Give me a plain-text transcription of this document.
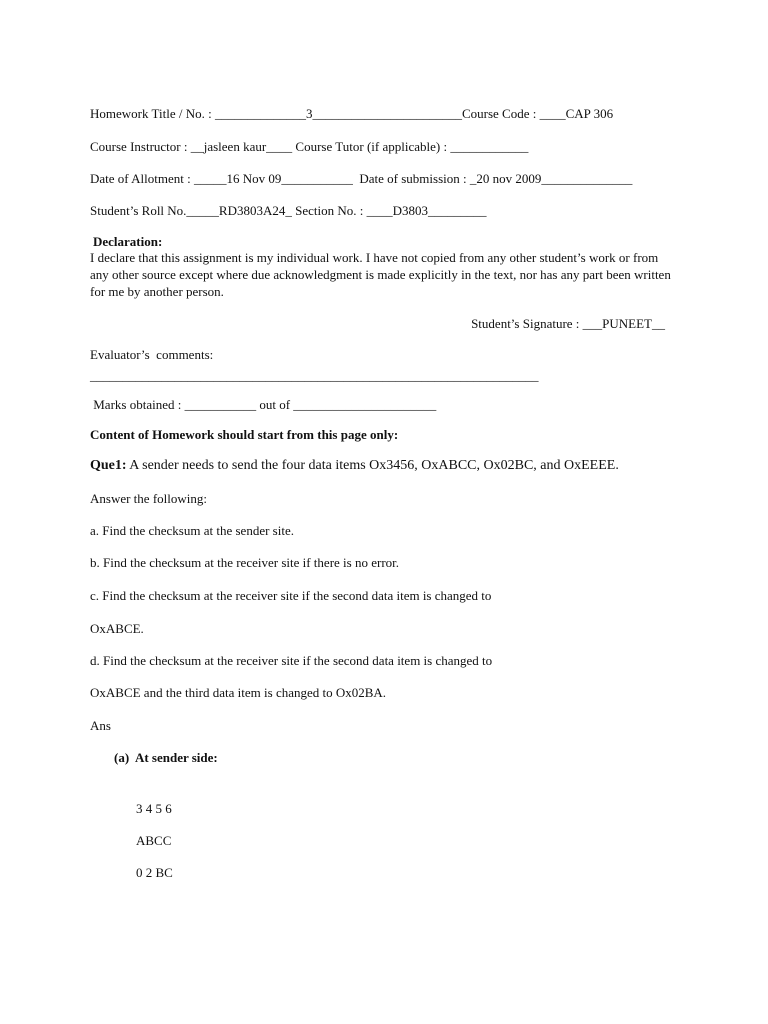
Homework Title / No. : ______________3_______________________Course Code : ____CAP 306
Course Instructor : __jasleen kaur____ Course Tutor (if applicable) : ____________
Date of Allotment : _____16 Nov 09___________  Date of submission : _20 nov 2009______________
Student’s Roll No._____RD3803A24_ Section No. : ____D3803_________
Declaration:
I declare that this assignment is my individual work. I have not copied from any other student’s work or from any other source except where due acknowledgment is made explicitly in the text, nor has any part been written for me by another person.
Student’s Signature : ___PUNEET__
Evaluator’s  comments:
_____________________________________________________________________
Marks obtained : ___________ out of ______________________
Content of Homework should start from this page only:
Que1: A sender needs to send the four data items Ox3456, OxABCC, Ox02BC, and OxEEEE.
Answer the following:
a. Find the checksum at the sender site.
b. Find the checksum at the receiver site if there is no error.
c. Find the checksum at the receiver site if the second data item is changed to
OxABCE.
d. Find the checksum at the receiver site if the second data item is changed to
OxABCE and the third data item is changed to Ox02BA.
Ans
(a)  At sender side:
3 4 5 6
ABCC
0 2 BC
